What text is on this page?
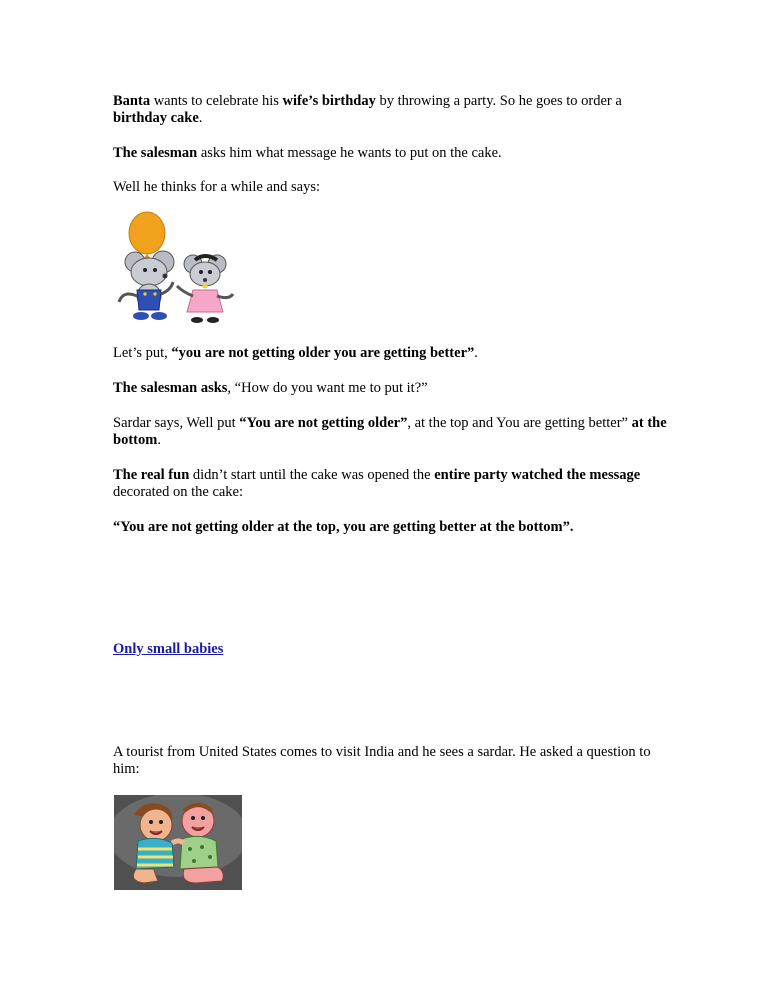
Banta wants to celebrate his wife’s birthday by throwing a party. So he goes to order a birthday cake.

The salesman asks him what message he wants to put on the cake.

Well he thinks for a while and says:

Let’s put, “you are not getting older you are getting better”.

The salesman asks, “How do you want me to put it?”

Sardar says, Well put “You are not getting older”, at the top and You are getting better” at the bottom.

The real fun didn’t start until the cake was opened the entire party watched the message decorated on the cake:

“You are not getting older at the top, you are getting better at the bottom”.

Only small babies

A tourist from United States comes to visit India and he sees a sardar. He asked a question to him:
